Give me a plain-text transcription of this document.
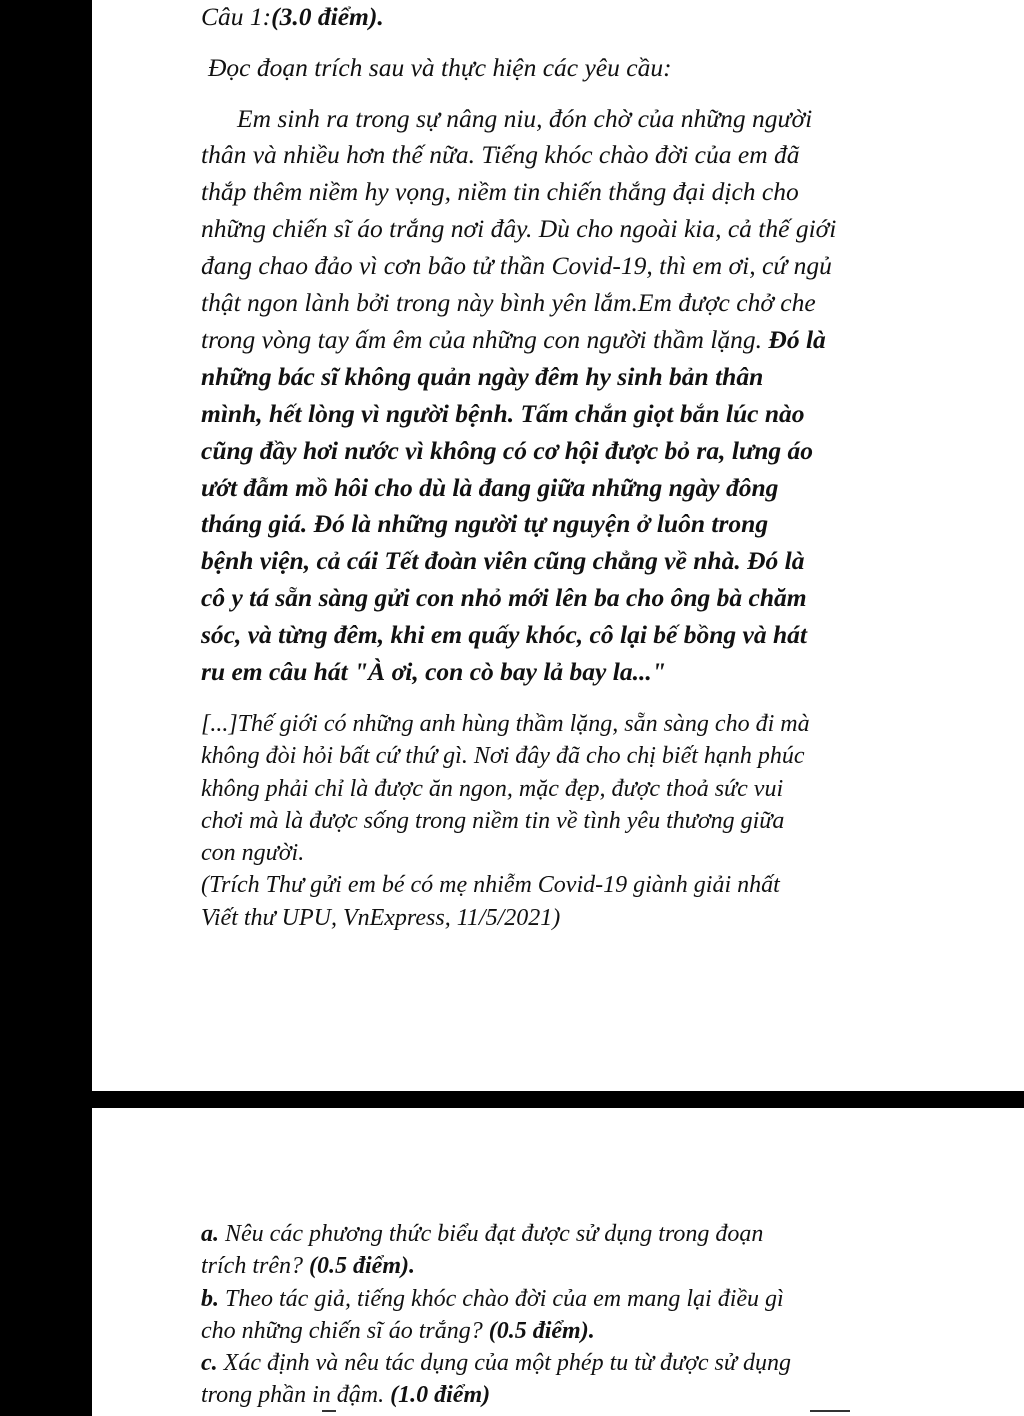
Câu 1:(3.0 điểm).

Đọc đoạn trích sau và thực hiện các yêu cầu:

Em sinh ra trong sự nâng niu, đón chờ của những người

thân và nhiều hơn thế nữa. Tiếng khóc chào đời của em đã

thắp thêm niềm hy vọng, niềm tin chiến thắng đại dịch cho

những chiến sĩ áo trắng nơi đây. Dù cho ngoài kia, cả thế giới

đang chao đảo vì cơn bão tử thần Covid-19, thì em ơi, cứ ngủ

thật ngon lành bởi trong này bình yên lắm.Em được chở che

trong vòng tay ấm êm của những con người thầm lặng. Đó là

những bác sĩ không quản ngày đêm hy sinh bản thân

mình, hết lòng vì người bệnh. Tấm chắn giọt bắn lúc nào

cũng đầy hơi nước vì không có cơ hội được bỏ ra, lưng áo

ướt đẫm mồ hôi cho dù là đang giữa những ngày đông

tháng giá. Đó là những người tự nguyện ở luôn trong

bệnh viện, cả cái Tết đoàn viên cũng chẳng về nhà. Đó là

cô y tá sẵn sàng gửi con nhỏ mới lên ba cho ông bà chăm

sóc, và từng đêm, khi em quấy khóc, cô lại bế bồng và hát

ru em câu hát "À ơi, con cò bay lả bay la..."

[...]Thế giới có những anh hùng thầm lặng, sẵn sàng cho đi mà

không đòi hỏi bất cứ thứ gì. Nơi đây đã cho chị biết hạnh phúc

không phải chỉ là được ăn ngon, mặc đẹp, được thoả sức vui

chơi mà là được sống trong niềm tin về tình yêu thương giữa

con người.

(Trích Thư gửi em bé có mẹ nhiễm Covid-19 giành giải nhất

Viết thư UPU, VnExpress, 11/5/2021)

a. Nêu các phương thức biểu đạt được sử dụng trong đoạn

trích trên? (0.5 điểm).

b. Theo tác giả, tiếng khóc chào đời của em mang lại điều gì

cho những chiến sĩ áo trắng? (0.5 điểm).

c. Xác định và nêu tác dụng của một phép tu từ được sử dụng

trong phần in đậm. (1.0 điểm)
